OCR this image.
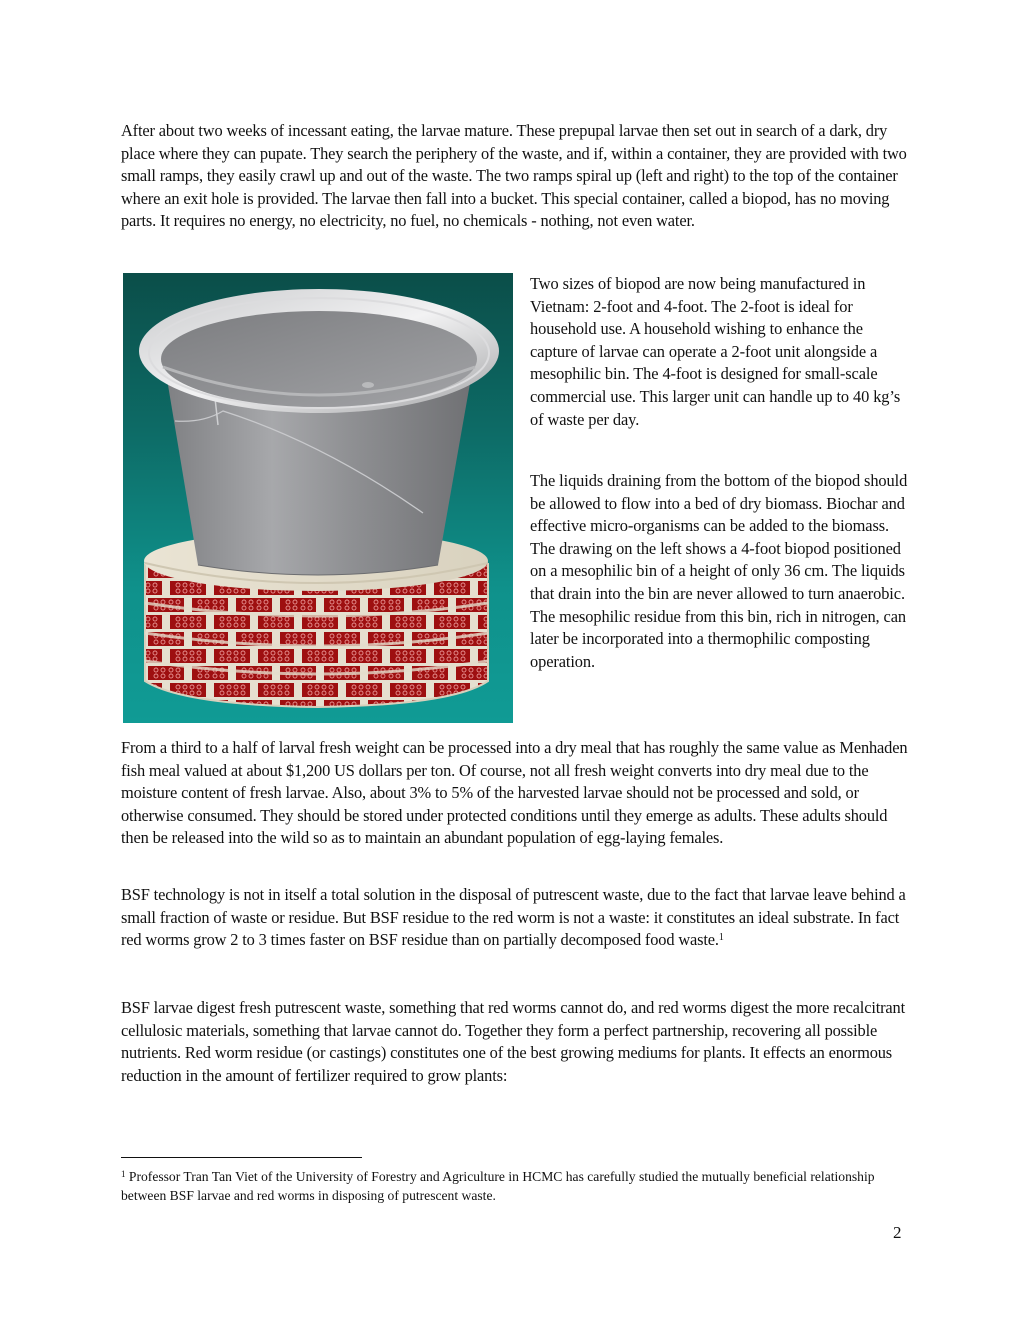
After about two weeks of incessant eating, the larvae mature. These prepupal larvae then set out in search of a dark, dry place where they can pupate. They search the periphery of the waste, and if, within a container, they are provided with two small ramps, they easily crawl up and out of the waste. The two ramps spiral up (left and right) to the top of the container where an exit hole is provided. The larvae then fall into a bucket. This special container, called a biopod, has no moving parts. It requires no energy, no electricity, no fuel, no chemicals - nothing, not even water.

Two sizes of biopod are now being manufactured in Vietnam: 2-foot and 4-foot. The 2-foot is ideal for household use. A household wishing to enhance the capture of larvae can operate a 2-foot unit alongside a mesophilic bin. The 4-foot is designed for small-scale commercial use. This larger unit can handle up to 40 kg’s of waste per day.

The liquids draining from the bottom of the biopod should be allowed to flow into a bed of dry biomass. Biochar and effective micro-organisms can be added to the biomass. The drawing on the left shows a 4-foot biopod positioned on a mesophilic bin of a height of only 36 cm. The liquids that drain into the bin are never allowed to turn anaerobic. The mesophilic residue from this bin, rich in nitrogen, can later be incorporated into a thermophilic composting operation.

From a third to a half of larval fresh weight can be processed into a dry meal that has roughly the same value as Menhaden fish meal valued at about $1,200 US dollars per ton. Of course, not all fresh weight converts into dry meal due to the moisture content of fresh larvae. Also, about 3% to 5% of the harvested larvae should not be processed and sold, or otherwise consumed. They should be stored under protected conditions until they emerge as adults. These adults should then be released into the wild so as to maintain an abundant population of egg-laying females.

BSF technology is not in itself a total solution in the disposal of putrescent waste, due to the fact that larvae leave behind a small fraction of waste or residue. But BSF residue to the red worm is not a waste: it constitutes an ideal substrate. In fact red worms grow 2 to 3 times faster on BSF residue than on partially decomposed food waste.$^1$

BSF larvae digest fresh putrescent waste, something that red worms cannot do, and red worms digest the more recalcitrant cellulosic materials, something that larvae cannot do. Together they form a perfect partnership, recovering all possible nutrients. Red worm residue (or castings) constitutes one of the best growing mediums for plants. It effects an enormous reduction in the amount of fertilizer required to grow plants:

$^1$ Professor Tran Tan Viet of the University of Forestry and Agriculture in HCMC has carefully studied the mutually beneficial relationship between BSF larvae and red worms in disposing of putrescent waste.

2
